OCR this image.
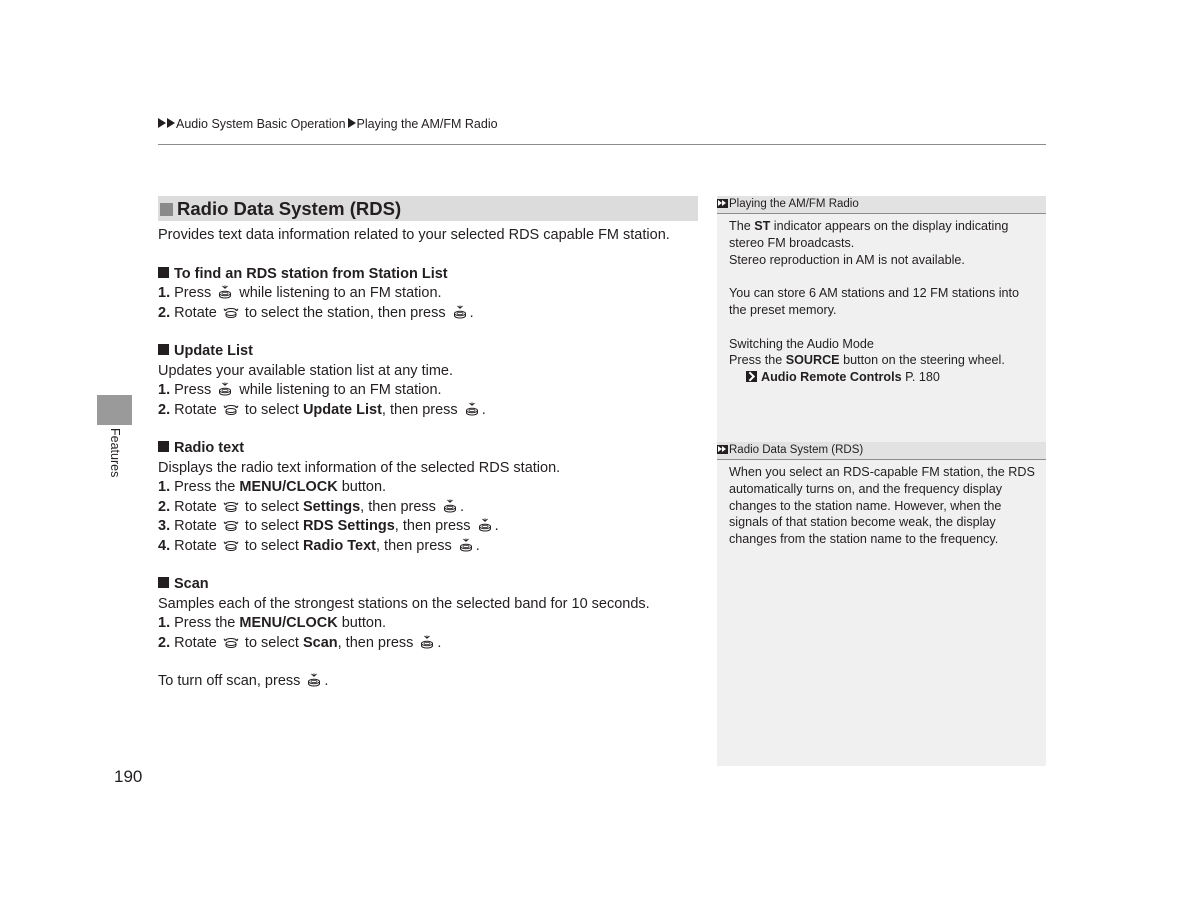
Audio System Basic Operation Playing the AM/FM Radio
Features
190
Radio Data System (RDS)
Provides text data information related to your selected RDS capable FM station.
To find an RDS station from Station List
1. Press while listening to an FM station.
2. Rotate to select the station, then press .
Update List
Updates your available station list at any time.
1. Press while listening to an FM station.
2. Rotate to select Update List, then press .
Radio text
Displays the radio text information of the selected RDS station.
1. Press the MENU/CLOCK button.
2. Rotate to select Settings, then press .
3. Rotate to select RDS Settings, then press .
4. Rotate to select Radio Text, then press .
Scan
Samples each of the strongest stations on the selected band for 10 seconds.
1. Press the MENU/CLOCK button.
2. Rotate to select Scan, then press .
To turn off scan, press .
Playing the AM/FM Radio
The ST indicator appears on the display indicating
stereo FM broadcasts.
Stereo reproduction in AM is not available.
You can store 6 AM stations and 12 FM stations into
the preset memory.
Switching the Audio Mode
Press the SOURCE button on the steering wheel.
Audio Remote Controls P. 180
Radio Data System (RDS)
When you select an RDS-capable FM station, the RDS
automatically turns on, and the frequency display
changes to the station name. However, when the
signals of that station become weak, the display
changes from the station name to the frequency.
